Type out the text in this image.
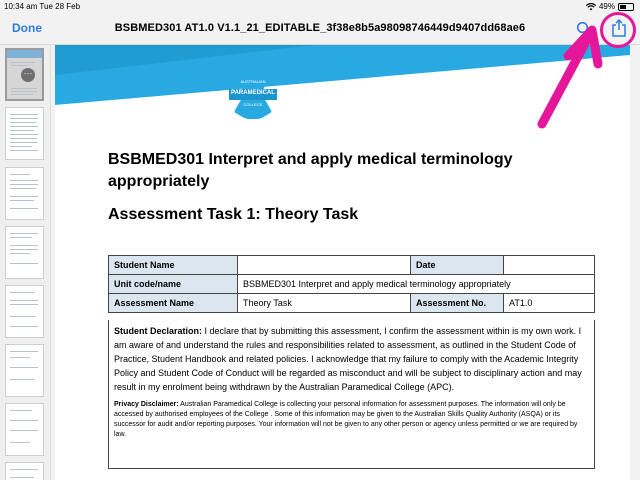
10:34 am Tue 28 Feb	49%
Done	BSBMED301 AT1.0 V1.1_21_EDITABLE_3f38e8b5a98098746449d9407dd68ae6
···
AUSTRALIAN
PARAMEDICAL
COLLEGE
BSBMED301 Interpret and apply medical terminology appropriately
Assessment Task 1: Theory Task
Student Name		Date	
Unit code/name	BSBMED301 Interpret and apply medical terminology appropriately		
Assessment Name	Theory Task	Assessment No.	AT1.0

Student Declaration: I declare that by submitting this assessment, I confirm the assessment within is my own work. I am aware of and understand the rules and responsibilities related to assessment, as outlined in the Student Code of Practice, Student Handbook and related policies. I acknowledge that my failure to comply with the Academic Integrity Policy and Student Code of Conduct will be regarded as misconduct and will be subject to disciplinary action and may result in my enrolment being withdrawn by the Australian Paramedical College (APC).

Privacy Disclaimer: Australian Paramedical College is collecting your personal information for assessment purposes. The information will only be accessed by authorised employees of the College . Some of this information may be given to the Australian Skills Quality Authority (ASQA) or its successor for audit and/or reporting purposes. Your information will not be given to any other person or agency unless permitted or we are required by law.
